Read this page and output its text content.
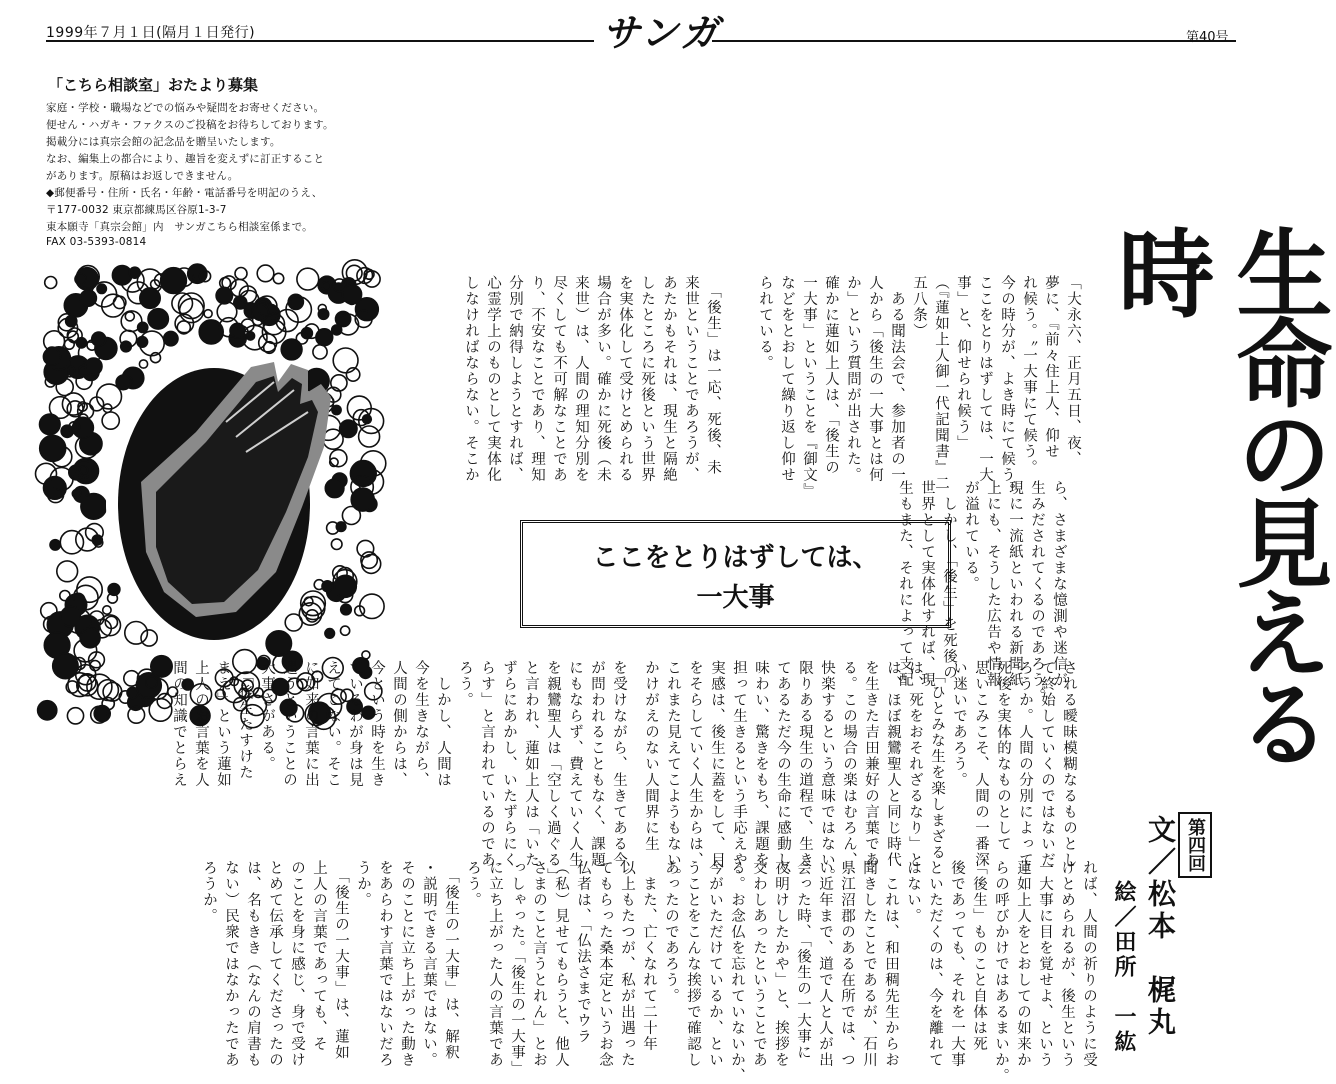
1999年７月１日(隔月１日発行)	サンガ	第40号
「こちら相談室」おたより募集
家庭・学校・職場などでの悩みや疑問をお寄せください。
便せん・ハガキ・ファクスのご投稿をお待ちしております。
掲載分には真宗会館の記念品を贈呈いたします。
なお、編集上の都合により、趣旨を変えずに訂正すること
があります。原稿はお返しできません。
◆郵便番号・住所・氏名・年齢・電話番号を明記のうえ、
〒177-0032 東京都練馬区谷原1-3-7
東本願寺「真宗会館」内　サンガこちら相談室係まで。
FAX 03-5393-0814
「大永六、正月五日、夜、
夢に、『前々住上人、仰せ
れ候う。〝一大事にて候う。
今の時分が、よき時にて候う。
ここをとりはずしては、一大
事」と、仰せられ候う」
（『蓮如上人御一代記聞書』二
五八条）
　ある聞法会で、参加者の一
人から「後生の一大事とは何
か」という質問が出された。
確かに蓮如上人は、「後生の
一大事」ということを『御文』
などをとおして繰り返し仰せ
られている。
　「後生」は一応、死後、未
来世ということであろうが、
あたかもそれは、現生と隔絶
したところに死後という世界
を実体化して受けとめられる
場合が多い。確かに死後（未
来世）は、人間の理知分別を
尽くしても不可解なことであ
り、不安なことであり、理知
分別で納得しようとすれば、
心霊学上のものとして実体化
しなければならない。そこか
ら、さまざまな憶測や迷信が
生みだされてくるのであろう。
現に一流紙といわれる新聞紙
上にも、そうした広告や情報
が溢れている。
　しかし、「後生」を死後の
世界として実体化すれば、現
生もまた、それによって支配
ここをとりはずしては、
一大事	生命の見える時
第四回
文／松本　梶丸
絵／田所　一紘
される曖昧模糊なるものとし
て終始していくのではないだ
ろうか。人間の分別によって
死後を実体的なものとして
思いこみこそ、人間の一番深
い迷いであろう。
　「ひとみな生を楽しまざる
は、死をおそれざるなり」と
は、ほぼ親鸞聖人と同じ時代
を生きた吉田兼好の言葉であ
る。この場合の楽はむろん、
快楽するという意味ではない。
限りある現生の道程で、生き
てあるただ今の生命に感動し、
味わい、驚きをもち、課題を
担って生きるという手応えや
実感は、後生に蓋をして、目
をそらしていく人生からは、
これまた見えてこようもない。
かけがえのない人間界に生
を受けながら、生きてある今
が問われることもなく、課題
にもならず、費えていく人生
を親鸞聖人は「空しく過ぐる」
と言われ、蓮如上人は「いた
ずらにあかし、いたずらにく
らす」と言われているのであ
ろう。
　しかし、人間は
今を生きながら、
人間の側からは、
今という時を生き
ているわが身は見
えてこない。そこ
に如来の言葉に出
遇うということの
大事さがある。
　「後生たすけた
まえ」という蓮如
上人のお言葉を人
間の知識でとらえ
れば、人間の祈りのように受
けとめられるが、後生という
一大事に目を覚せよ、という
蓮如上人をとおしての如来か
らの呼びかけではあるまいか。
「後生」ものこと自体は死
後であっても、それを一大事
といただくのは、今を離れて
はない。
　これは、和田稠先生からお
聞きしたことであるが、石川
県江沼郡のある在所では、つ
い近年まで、道で人と人が出
会った時、「後生の一大事に
夜明けしたかや」と、挨拶を
交わしあったということであ
る。お念仏を忘れていないか、
今がいただけているか、とい
うことをこんな挨拶で確認し
あったのであろう。
　また、亡くなれて二十年
以上もたつが、私が出遇った
てもらった桑本定というお念
仏者は、「仏法さまでウラ
（私）見せてもらうと、他人
さまのこと言うとれん」とお
っしゃった。「後生の一大事」
に立ち上がった人の言葉であ
ろう。
　「後生の一大事」は、解釈
・説明できる言葉ではない。
そのことに立ち上がった動き
をあらわす言葉ではないだろ
うか。
　「後生の一大事」は、蓮如
上人の言葉であっても、そ
のことを身に感じ、身で受け
とめて伝承してくださったの
は、名もきき（なんの肩書も
ない）民衆ではなかったであ
ろうか。
